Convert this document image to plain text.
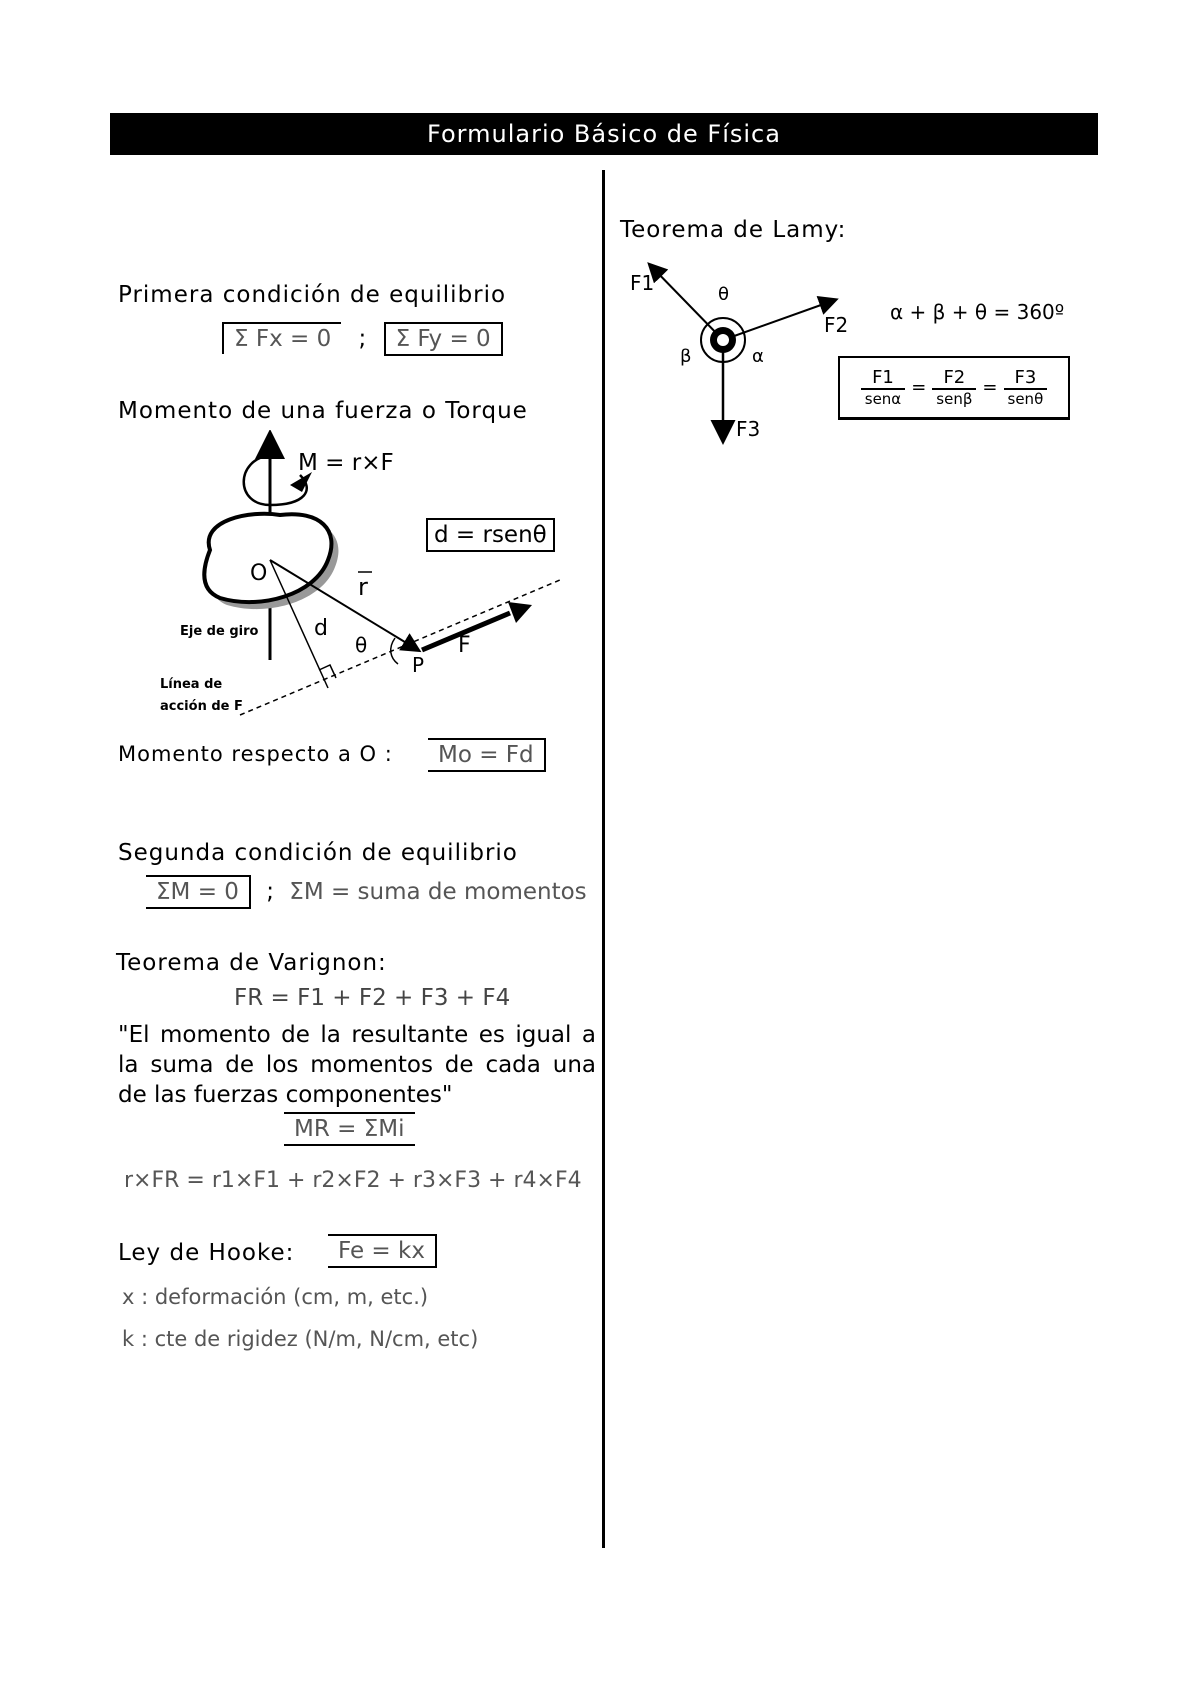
Formulario Básico de Física
Primera condición de equilibrio
Σ Fx = 0 ; Σ Fy = 0
Momento de una fuerza o Torque
O	r
d
θ
P
F
Eje de giro
Línea de
acción de F
M = r×F
d = rsenθ
Momento respecto a O :	Mo = Fd
Segunda condición de equilibrio
ΣM = 0 ; ΣM = suma de momentos
Teorema de Varignon:
FR = F1 + F2 + F3 + F4
"El momento de la resultante es igual a la suma de los momentos de cada una de las fuerzas componentes"
MR = ΣMi
r×FR = r1×F1 + r2×F2 + r3×F3 + r4×F4
Ley de Hooke:	Fe = kx
x : deformación (cm, m, etc.)
k : cte de rigidez (N/m, N/cm, etc)
Teorema de Lamy:
F1
F2
F3
θ
β	α
α + β + θ = 360º
F1
senα
= F2
senβ
= F3
senθ
